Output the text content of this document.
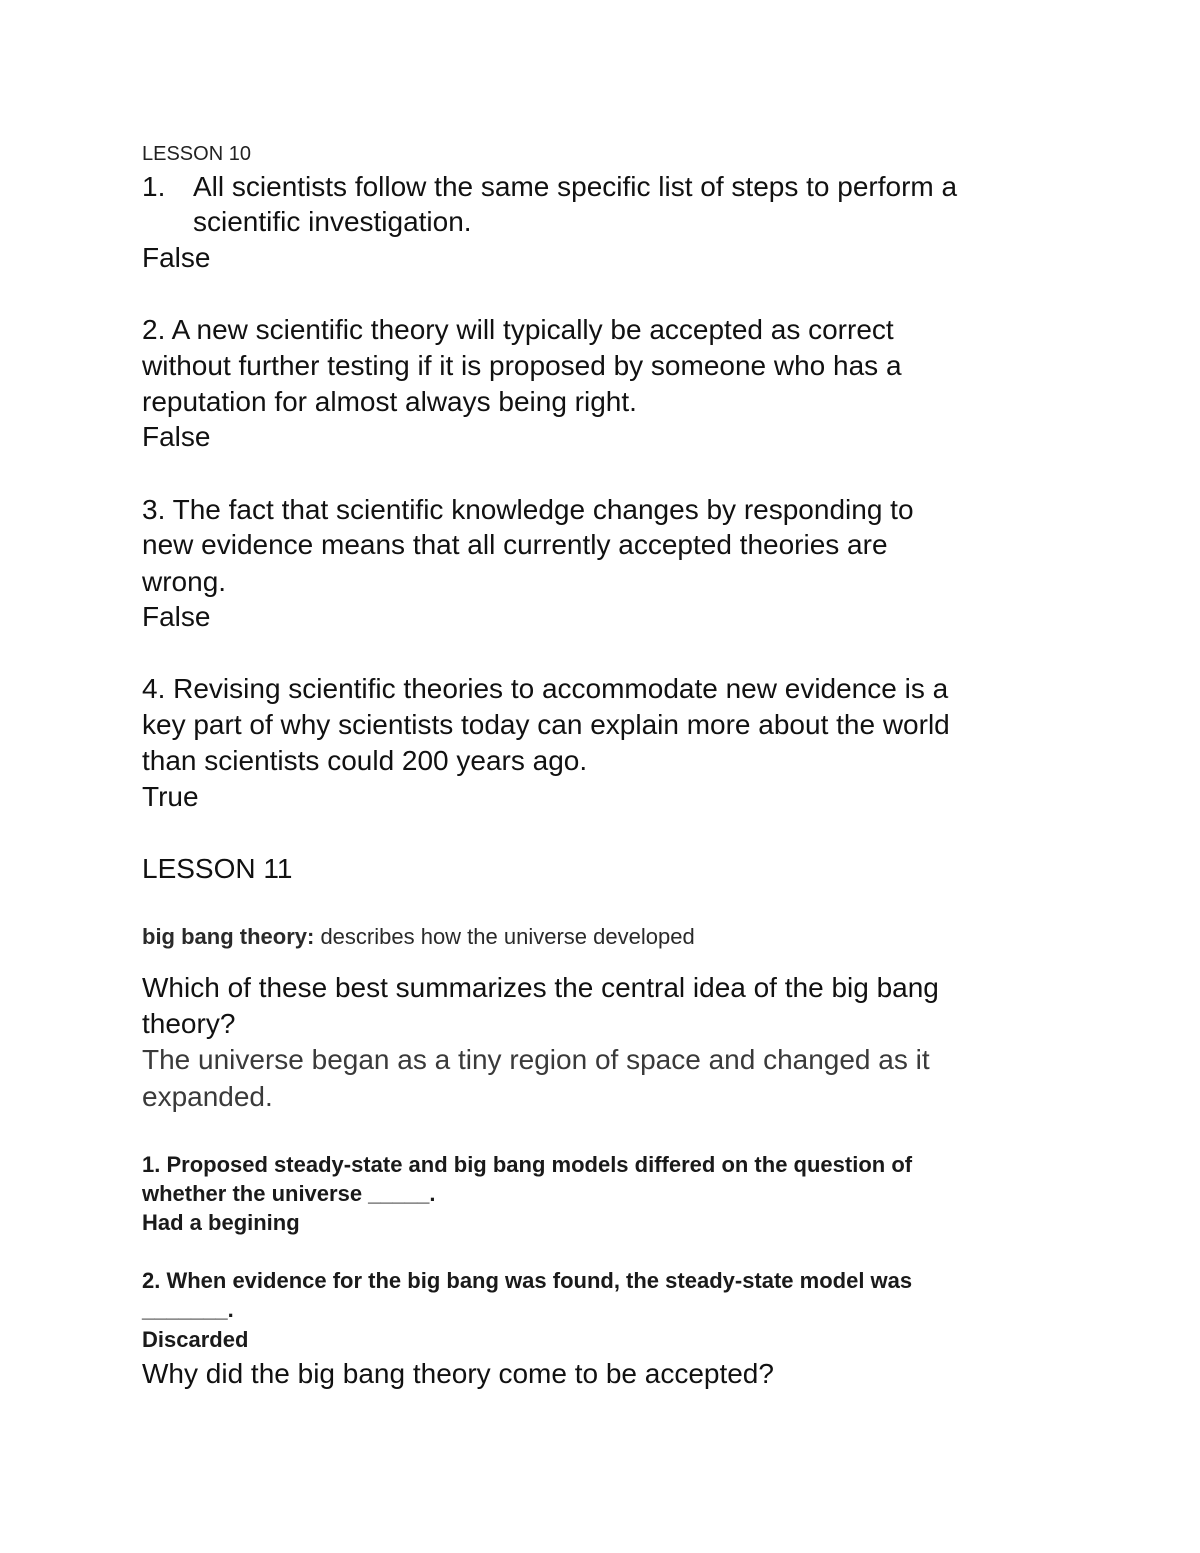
LESSON 10
1. All scientists follow the same specific list of steps to perform a
scientific investigation.
False
2. A new scientific theory will typically be accepted as correct
without further testing if it is proposed by someone who has a
reputation for almost always being right.
False
3. The fact that scientific knowledge changes by responding to
new evidence means that all currently accepted theories are
wrong.
False
4. Revising scientific theories to accommodate new evidence is a
key part of why scientists today can explain more about the world
than scientists could 200 years ago.
True
LESSON 11
big bang theory: describes how the universe developed
Which of these best summarizes the central idea of the big bang
theory?
The universe began as a tiny region of space and changed as it
expanded.
1. Proposed steady-state and big bang models differed on the question of
whether the universe _____.
Had a begining
2. When evidence for the big bang was found, the steady-state model was
_______.
Discarded
Why did the big bang theory come to be accepted?
